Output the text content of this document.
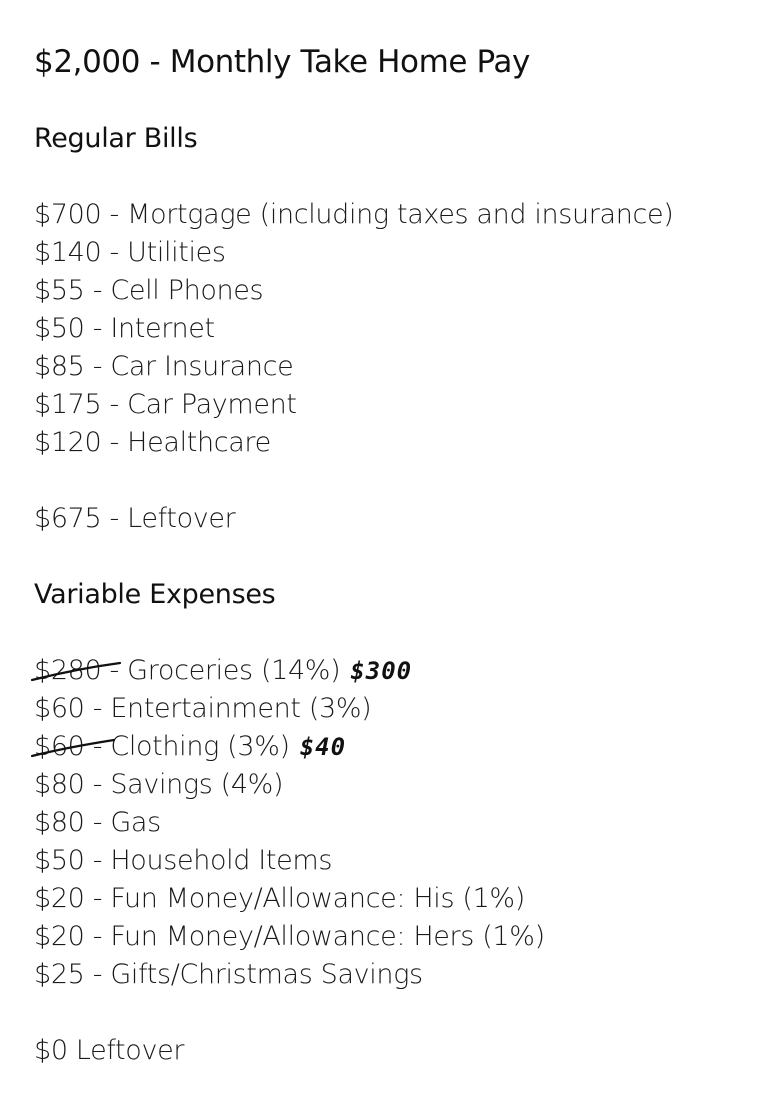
$2,000 - Monthly Take Home Pay
Regular Bills
$700 - Mortgage (including taxes and insurance)
$140 - Utilities
$55 - Cell Phones
$50 - Internet
$85 - Car Insurance
$175 - Car Payment
$120 - Healthcare
$675 - Leftover
Variable Expenses
$280
- Groceries (14%) $300
$60 - Entertainment (3%)
$60
- Clothing (3%) $40
$80 - Savings (4%)
$80 - Gas
$50 - Household Items
$20 - Fun Money/Allowance: His (1%)
$20 - Fun Money/Allowance: Hers (1%)
$25 - Gifts/Christmas Savings
$0 Leftover
